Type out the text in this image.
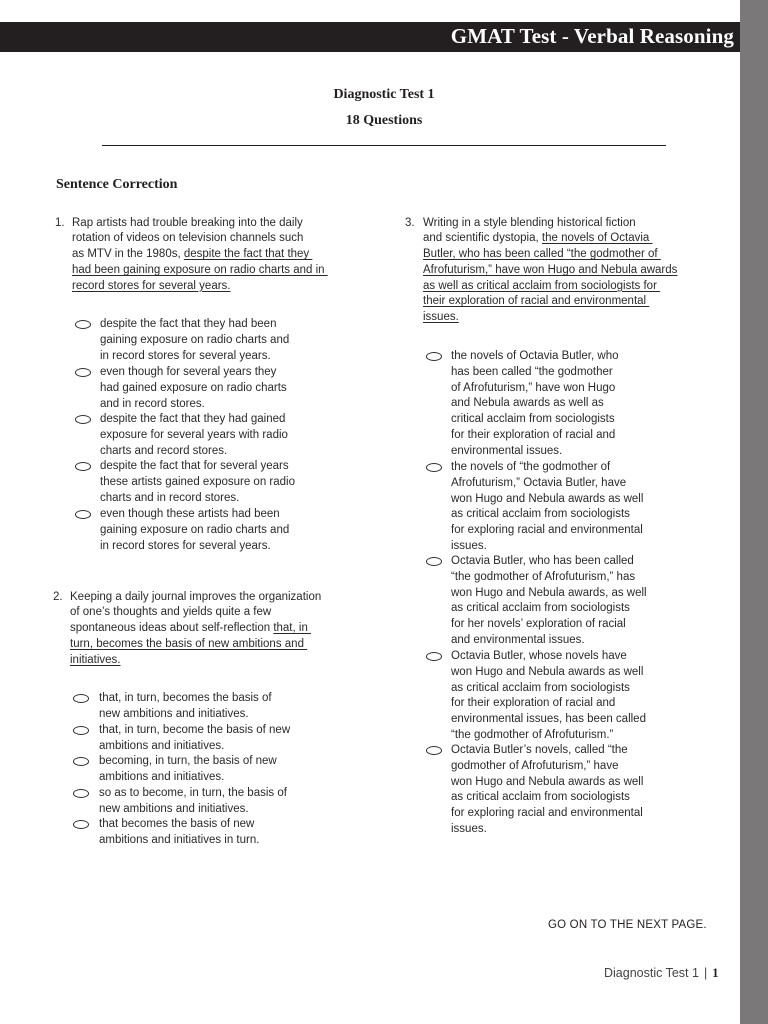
GMAT Test - Verbal Reasoning
Diagnostic Test 1
18 Questions
Sentence Correction
1. Rap artists had trouble breaking into the daily
rotation of videos on television channels such
as MTV in the 1980s, despite the fact that they
had been gaining exposure on radio charts and in
record stores for several years.
despite the fact that they had been
gaining exposure on radio charts and
in record stores for several years.
even though for several years they
had gained exposure on radio charts
and in record stores.
despite the fact that they had gained
exposure for several years with radio
charts and record stores.
despite the fact that for several years
these artists gained exposure on radio
charts and in record stores.
even though these artists had been
gaining exposure on radio charts and
in record stores for several years.
2. Keeping a daily journal improves the organization
of one’s thoughts and yields quite a few
spontaneous ideas about self-reflection that, in
turn, becomes the basis of new ambitions and
initiatives.
that, in turn, becomes the basis of
new ambitions and initiatives.
that, in turn, become the basis of new
ambitions and initiatives.
becoming, in turn, the basis of new
ambitions and initiatives.
so as to become, in turn, the basis of
new ambitions and initiatives.
that becomes the basis of new
ambitions and initiatives in turn.
3. Writing in a style blending historical fiction
and scientific dystopia, the novels of Octavia
Butler, who has been called “the godmother of
Afrofuturism,” have won Hugo and Nebula awards
as well as critical acclaim from sociologists for
their exploration of racial and environmental
issues.
the novels of Octavia Butler, who
has been called “the godmother
of Afrofuturism,” have won Hugo
and Nebula awards as well as
critical acclaim from sociologists
for their exploration of racial and
environmental issues.
the novels of “the godmother of
Afrofuturism,” Octavia Butler, have
won Hugo and Nebula awards as well
as critical acclaim from sociologists
for exploring racial and environmental
issues.
Octavia Butler, who has been called
“the godmother of Afrofuturism,” has
won Hugo and Nebula awards, as well
as critical acclaim from sociologists
for her novels’ exploration of racial
and environmental issues.
Octavia Butler, whose novels have
won Hugo and Nebula awards as well
as critical acclaim from sociologists
for their exploration of racial and
environmental issues, has been called
“the godmother of Afrofuturism.”
Octavia Butler’s novels, called “the
godmother of Afrofuturism,” have
won Hugo and Nebula awards as well
as critical acclaim from sociologists
for exploring racial and environmental
issues.
GO ON TO THE NEXT PAGE.
Diagnostic Test 1 | 1
